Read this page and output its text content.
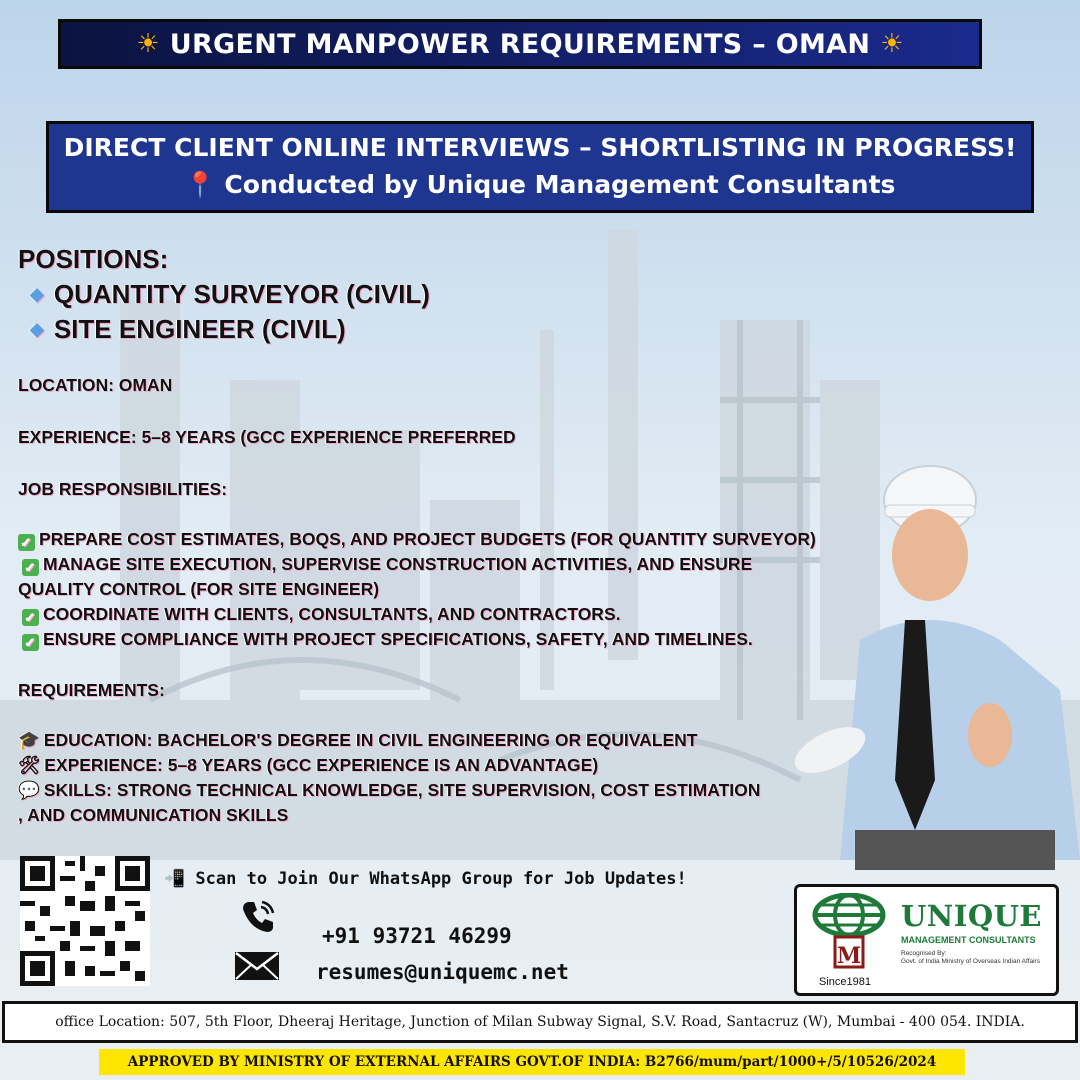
☀ URGENT MANPOWER REQUIREMENTS – OMAN ☀
DIRECT CLIENT ONLINE INTERVIEWS – SHORTLISTING IN PROGRESS!
📍 Conducted by Unique Management Consultants
POSITIONS:
◆ QUANTITY SURVEYOR (CIVIL)
◆ SITE ENGINEER (CIVIL)
LOCATION: OMAN
EXPERIENCE: 5–8 YEARS (GCC EXPERIENCE PREFERRED
JOB RESPONSIBILITIES:
✓ PREPARE COST ESTIMATES, BOQS, AND PROJECT BUDGETS (FOR QUANTITY SURVEYOR)
✓ MANAGE SITE EXECUTION, SUPERVISE CONSTRUCTION ACTIVITIES, AND ENSURE
QUALITY CONTROL (FOR SITE ENGINEER)
✓ COORDINATE WITH CLIENTS, CONSULTANTS, AND CONTRACTORS.
✓ ENSURE COMPLIANCE WITH PROJECT SPECIFICATIONS, SAFETY, AND TIMELINES.
REQUIREMENTS:
🎓 EDUCATION: BACHELOR'S DEGREE IN CIVIL ENGINEERING OR EQUIVALENT
🛠 EXPERIENCE: 5–8 YEARS (GCC EXPERIENCE IS AN ADVANTAGE)
💬 SKILLS: STRONG TECHNICAL KNOWLEDGE, SITE SUPERVISION, COST ESTIMATION
, AND COMMUNICATION SKILLS
📲 Scan to Join Our WhatsApp Group for Job Updates!
+91 93721 46299
resumes@uniquemc.net
M
UNIQUE
MANAGEMENT CONSULTANTS
Recognised By:
Govt. of India Ministry of Overseas Indian Affairs
Since1981
office Location: 507, 5th Floor, Dheeraj Heritage, Junction of Milan Subway Signal, S.V. Road, Santacruz (W), Mumbai - 400 054. INDIA.
APPROVED BY MINISTRY OF EXTERNAL AFFAIRS GOVT.OF INDIA: B2766/mum/part/1000+/5/10526/2024
